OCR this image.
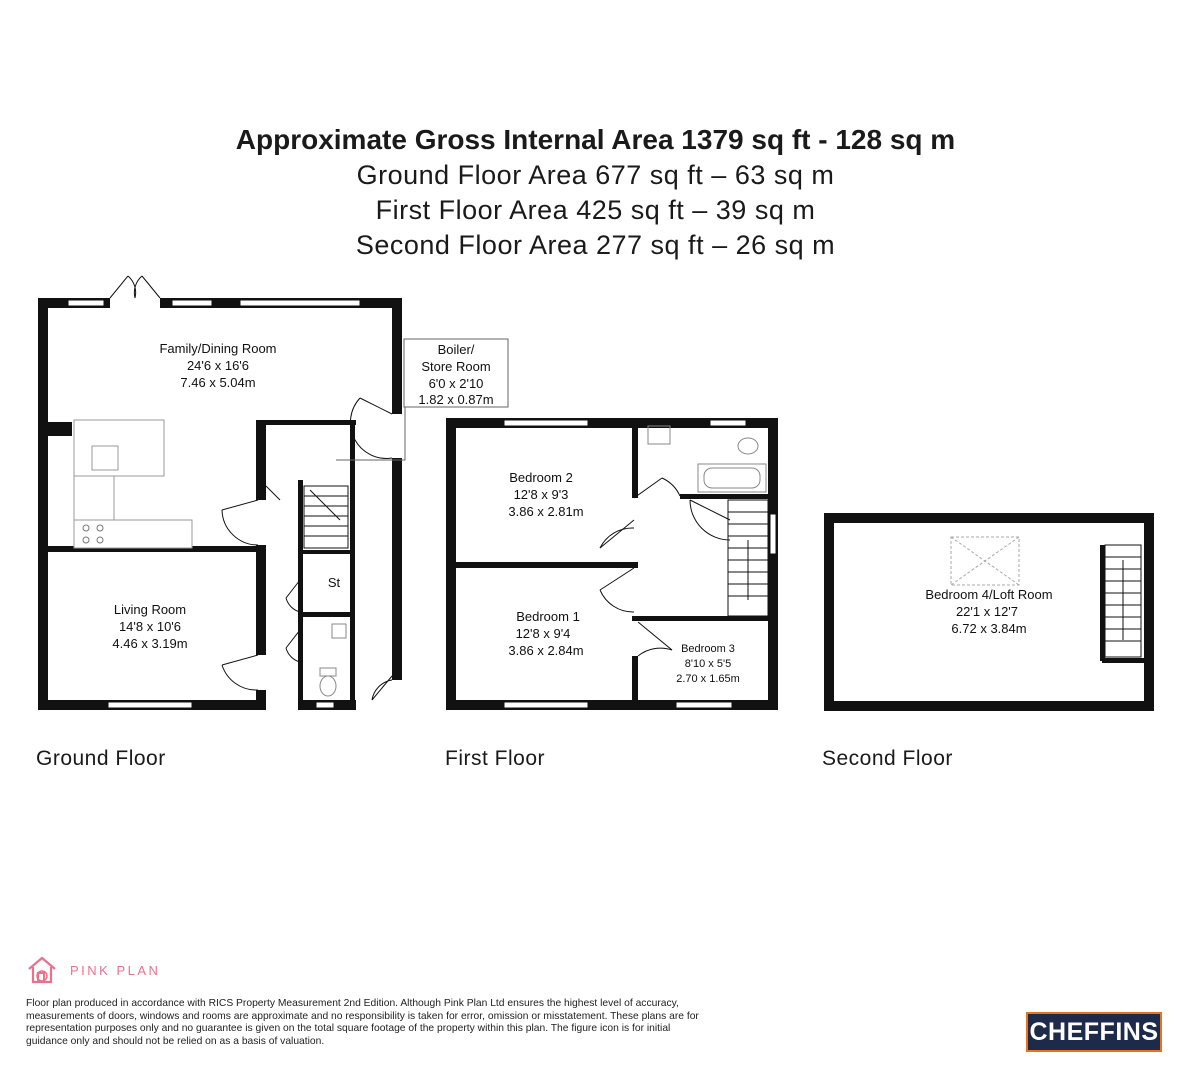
Approximate Gross Internal Area 1379 sq ft - 128 sq m
Ground Floor Area 677 sq ft – 63 sq m
First Floor Area 425 sq ft – 39 sq m
Second Floor Area 277 sq ft – 26 sq m
Family/Dining Room
24'6 x 16'6
7.46 x 5.04m
Living Room
14'8 x 10'6
4.46 x 3.19m
St
Boiler/
Store Room
6'0 x 2'10
1.82 x 0.87m
Bedroom 2
12'8 x 9'3
3.86 x 2.81m
Bedroom 1
12'8 x 9'4
3.86 x 2.84m	Bedroom 3
8'10 x 5'5
2.70 x 1.65m
Bedroom 4/Loft Room
22'1 x 12'7
6.72 x 3.84m
Ground Floor	First Floor	Second Floor
PINK PLAN
Floor plan produced in accordance with RICS Property Measurement 2nd Edition. Although Pink Plan Ltd ensures the highest level of accuracy, measurements of doors, windows and rooms are approximate and no responsibility is taken for error, omission or misstatement. These plans are for representation purposes only and no guarantee is given on the total square footage of the property within this plan. The figure icon is for initial guidance only and should not be relied on as a basis of valuation.	CHEFFINS
